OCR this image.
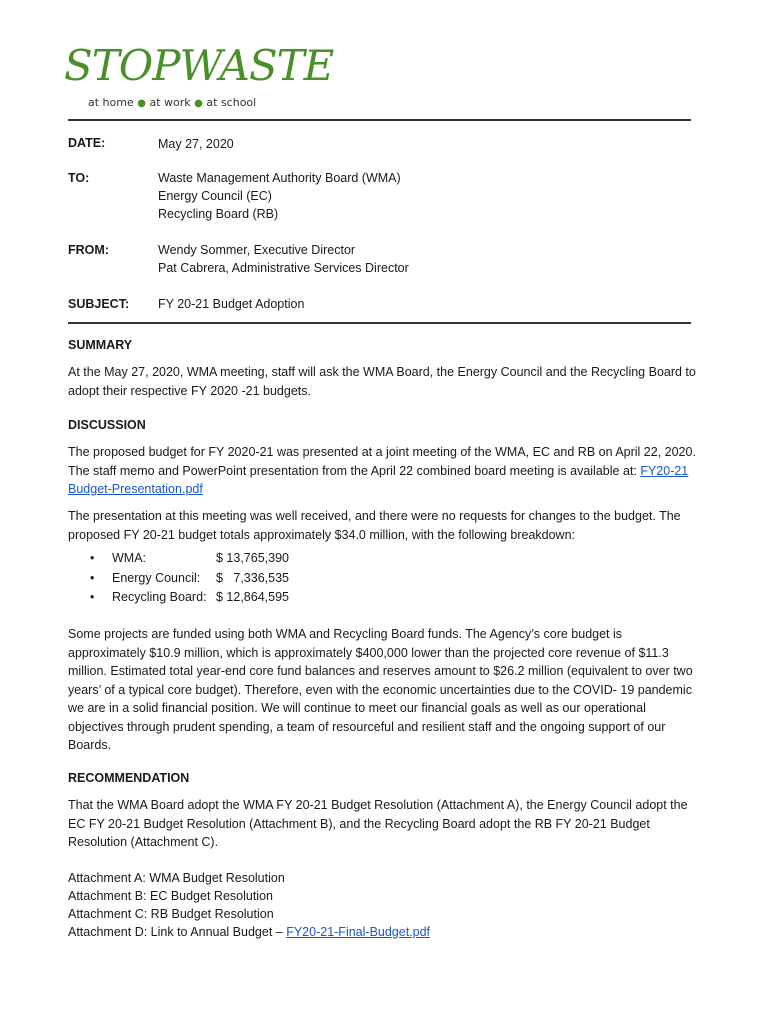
STOPWASTE
at home ● at work ● at school
DATE:	May 27, 2020
TO:	Waste Management Authority Board (WMA)
Energy Council (EC)
Recycling Board (RB)
FROM:	Wendy Sommer, Executive Director
Pat Cabrera, Administrative Services Director
SUBJECT: FY 20-21 Budget Adoption
SUMMARY
At the May 27, 2020, WMA meeting, staff will ask the WMA Board, the Energy Council and the Recycling Board to adopt their respective FY 2020 -21 budgets.
DISCUSSION
The proposed budget for FY 2020-21 was presented at a joint meeting of the WMA, EC and RB on April 22, 2020. The staff memo and PowerPoint presentation from the April 22 combined board meeting is available at: FY20-21 Budget-Presentation.pdf
The presentation at this meeting was well received, and there were no requests for changes to the budget. The proposed FY 20-21 budget totals approximately $34.0 million, with the following breakdown:
•	WMA:	$ 13,765,390
•	Energy Council:	$   7,336,535
•	Recycling Board: $ 12,864,595
Some projects are funded using both WMA and Recycling Board funds. The Agency’s core budget is approximately $10.9 million, which is approximately $400,000 lower than the projected core revenue of $11.3 million. Estimated total year-end core fund balances and reserves amount to $26.2 million (equivalent to over two years’ of a typical core budget). Therefore, even with the economic uncertainties due to the COVID- 19 pandemic we are in a solid financial position. We will continue to meet our financial goals as well as our operational objectives through prudent spending, a team of resourceful and resilient staff and the ongoing support of our Boards.
RECOMMENDATION
That the WMA Board adopt the WMA FY 20-21 Budget Resolution (Attachment A), the Energy Council adopt the EC FY 20-21 Budget Resolution (Attachment B), and the Recycling Board adopt the RB FY 20-21 Budget Resolution (Attachment C).
Attachment A: WMA Budget Resolution
Attachment B: EC Budget Resolution
Attachment C: RB Budget Resolution
Attachment D: Link to Annual Budget – FY20-21-Final-Budget.pdf
